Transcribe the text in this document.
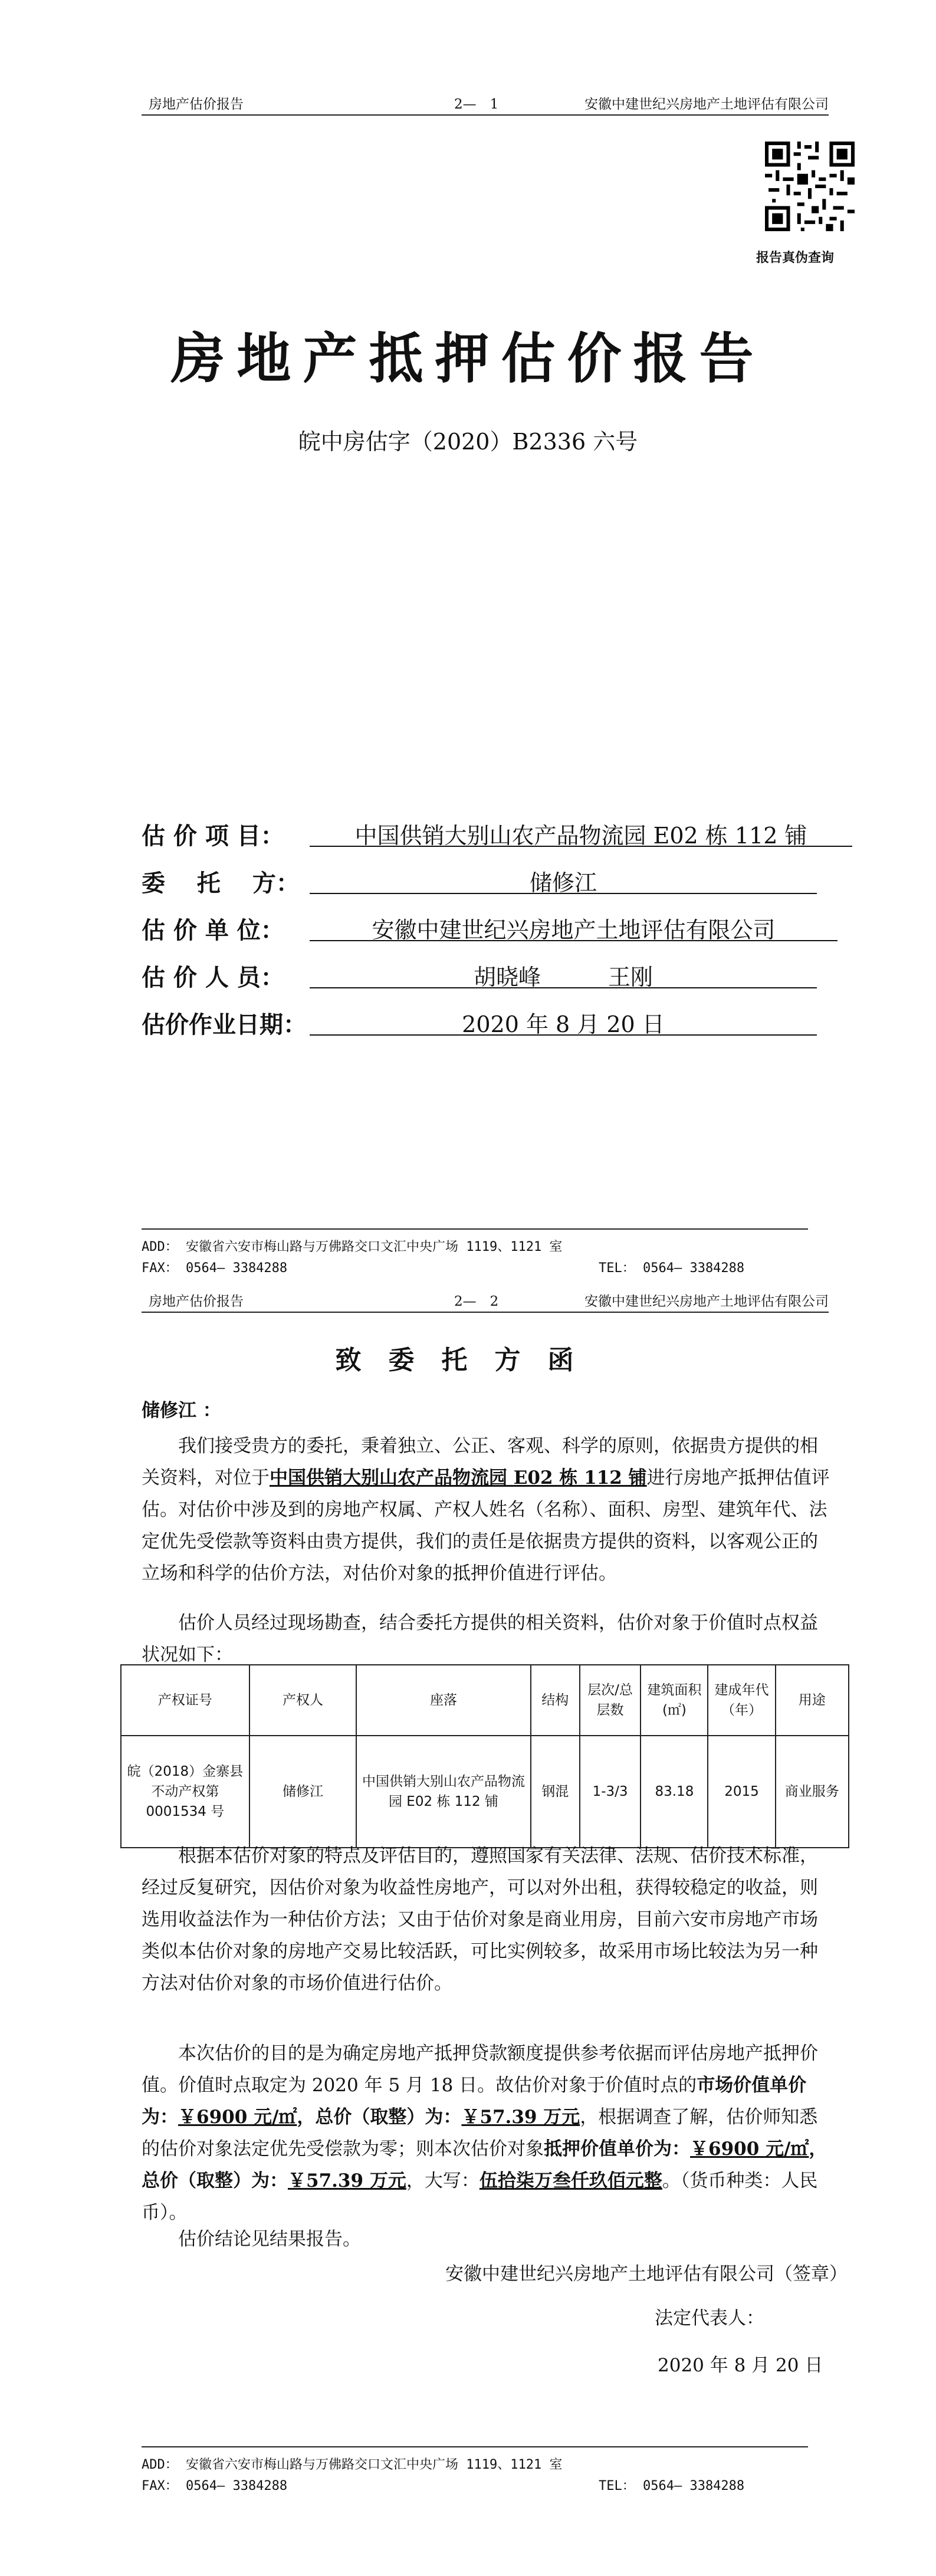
房地产估价报告	2—　1	安徽中建世纪兴房地产土地评估有限公司
报告真伪查询
房地产抵押估价报告
皖中房估字（2020）B2336 六号
估 价 项 目：	中国供销大别山农产品物流园 E02 栋 112 铺
委　 托　 方：	储修江
估 价 单 位：	安徽中建世纪兴房地产土地评估有限公司
估 价 人 员：	胡晓峰　　　王刚
估价作业日期：	2020 年 8 月 20 日
ADD： 安徽省六安市梅山路与万佛路交口文汇中央广场 1119、1121 室
FAX： 0564— 3384288	TEL： 0564— 3384288
房地产估价报告	2—　2	安徽中建世纪兴房地产土地评估有限公司
致委托方函
储修江 ：
　　我们接受贵方的委托，秉着独立、公正、客观、科学的原则，依据贵方提供的相关资料，对位于中国供销大别山农产品物流园 E02 栋 112 铺进行房地产抵押估值评估。对估价中涉及到的房地产权属、产权人姓名（名称）、面积、房型、建筑年代、法定优先受偿款等资料由贵方提供，我们的责任是依据贵方提供的资料，以客观公正的立场和科学的估价方法，对估价对象的抵押价值进行评估。
　　估价人员经过现场勘查，结合委托方提供的相关资料，估价对象于价值时点权益状况如下：
产权证号	产权人	座落	结构	层次/总层数	建筑面积(㎡)	建成年代（年）	用途
皖（2018）金寨县不动产权第0001534 号	储修江	中国供销大别山农产品物流园 E02 栋 112 铺	钢混	1-3/3	83.18	2015	商业服务
　　根据本估价对象的特点及评估目的，遵照国家有关法律、法规、估价技术标准，经过反复研究，因估价对象为收益性房地产，可以对外出租，获得较稳定的收益，则选用收益法作为一种估价方法；又由于估价对象是商业用房，目前六安市房地产市场类似本估价对象的房地产交易比较活跃，可比实例较多，故采用市场比较法为另一种方法对估价对象的市场价值进行估价。
　　本次估价的目的是为确定房地产抵押贷款额度提供参考依据而评估房地产抵押价值。价值时点取定为 2020 年 5 月 18 日。故估价对象于价值时点的市场价值单价为：￥6900 元/㎡，总价（取整）为：￥57.39 万元，根据调查了解，估价师知悉的估价对象法定优先受偿款为零；则本次估价对象抵押价值单价为：￥6900 元/㎡，总价（取整）为：￥57.39 万元，大写：伍拾柒万叁仟玖佰元整。（货币种类：人民币）。
　　估价结论见结果报告。
安徽中建世纪兴房地产土地评估有限公司（签章）
法定代表人：
2020 年 8 月 20 日
ADD： 安徽省六安市梅山路与万佛路交口文汇中央广场 1119、1121 室
FAX： 0564— 3384288	TEL： 0564— 3384288
